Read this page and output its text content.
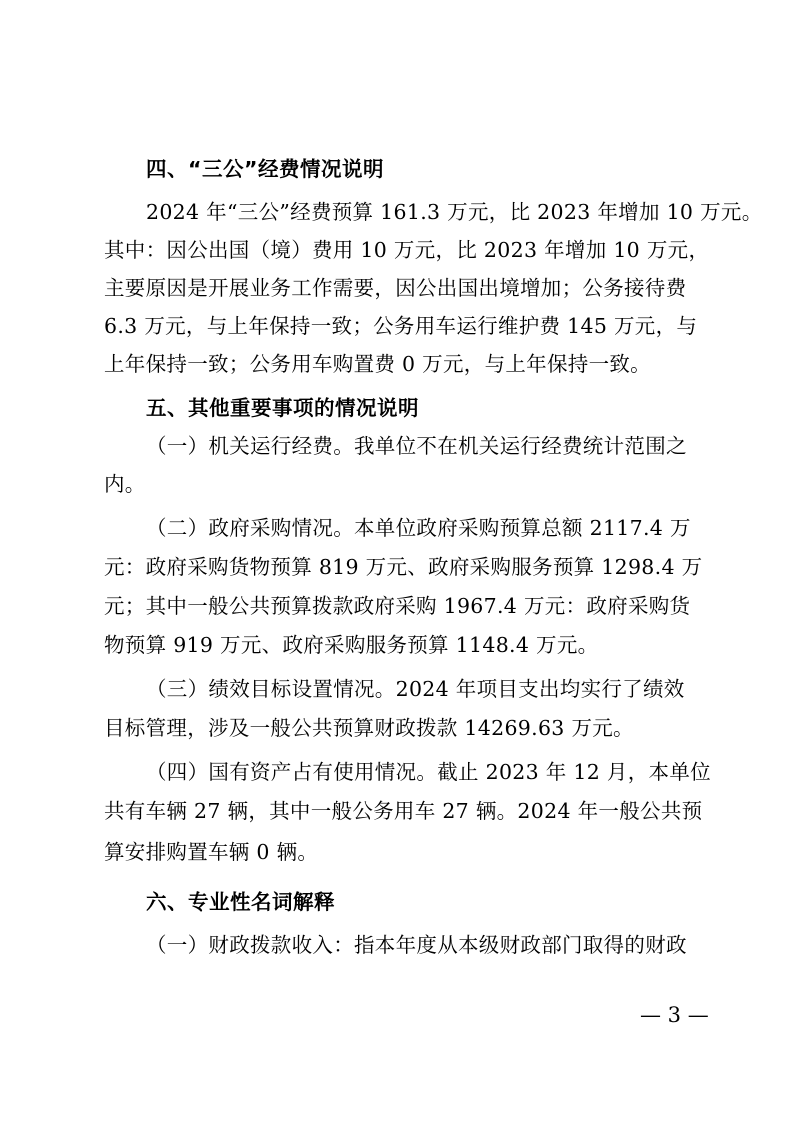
四、“三公”经费情况说明
2024 年“三公”经费预算 161.3 万元，比 2023 年增加 10 万元。
其中：因公出国（境）费用 10 万元，比 2023 年增加 10 万元，
主要原因是开展业务工作需要，因公出国出境增加；公务接待费
6.3 万元，与上年保持一致；公务用车运行维护费 145 万元，与
上年保持一致；公务用车购置费 0 万元，与上年保持一致。
五、其他重要事项的情况说明
（一）机关运行经费。我单位不在机关运行经费统计范围之
内。
（二）政府采购情况。本单位政府采购预算总额 2117.4 万
元：政府采购货物预算 819 万元、政府采购服务预算 1298.4 万
元；其中一般公共预算拨款政府采购 1967.4 万元：政府采购货
物预算 919 万元、政府采购服务预算 1148.4 万元。
（三）绩效目标设置情况。2024 年项目支出均实行了绩效
目标管理，涉及一般公共预算财政拨款 14269.63 万元。
（四）国有资产占有使用情况。截止 2023 年 12 月，本单位
共有车辆 27 辆，其中一般公务用车 27 辆。2024 年一般公共预
算安排购置车辆 0 辆。
六、专业性名词解释
（一）财政拨款收入：指本年度从本级财政部门取得的财政
— 3 —
